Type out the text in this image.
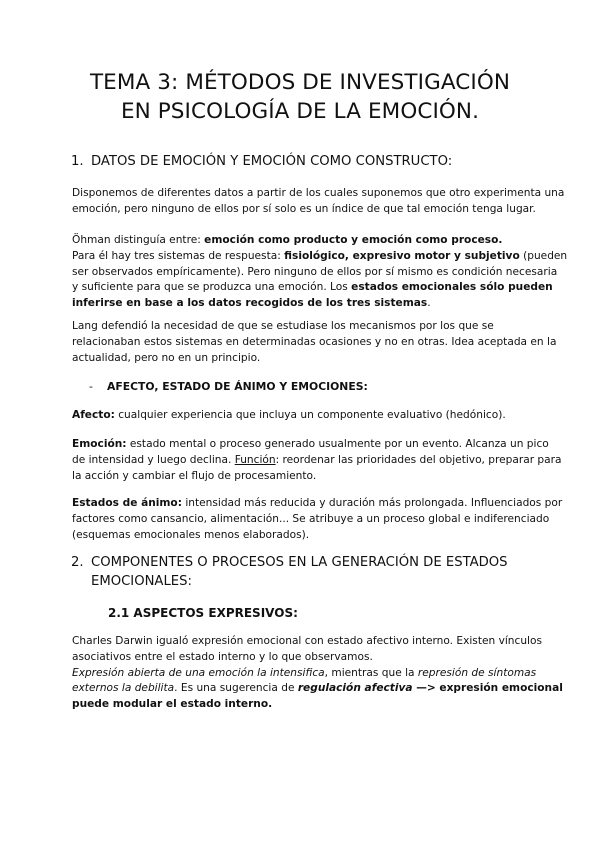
TEMA 3: MÉTODOS DE INVESTIGACIÓN
EN PSICOLOGÍA DE LA EMOCIÓN.
1. DATOS DE EMOCIÓN Y EMOCIÓN COMO CONSTRUCTO:
Disponemos de diferentes datos a partir de los cuales suponemos que otro experimenta una
emoción, pero ninguno de ellos por sí solo es un índice de que tal emoción tenga lugar.
Öhman distinguía entre: emoción como producto y emoción como proceso.
Para él hay tres sistemas de respuesta: fisiológico, expresivo motor y subjetivo (pueden
ser observados empíricamente). Pero ninguno de ellos por sí mismo es condición necesaria
y suficiente para que se produzca una emoción. Los estados emocionales sólo pueden
inferirse en base a los datos recogidos de los tres sistemas.
Lang defendió la necesidad de que se estudiase los mecanismos por los que se
relacionaban estos sistemas en determinadas ocasiones y no en otras. Idea aceptada en la
actualidad, pero no en un principio.
- AFECTO, ESTADO DE ÁNIMO Y EMOCIONES:
Afecto: cualquier experiencia que incluya un componente evaluativo (hedónico).
Emoción: estado mental o proceso generado usualmente por un evento. Alcanza un pico
de intensidad y luego declina. Función: reordenar las prioridades del objetivo, preparar para
la acción y cambiar el flujo de procesamiento.
Estados de ánimo: intensidad más reducida y duración más prolongada. Influenciados por
factores como cansancio, alimentación... Se atribuye a un proceso global e indiferenciado
(esquemas emocionales menos elaborados).
2. COMPONENTES O PROCESOS EN LA GENERACIÓN DE ESTADOS
EMOCIONALES:
2.1 ASPECTOS EXPRESIVOS:
Charles Darwin igualó expresión emocional con estado afectivo interno. Existen vínculos
asociativos entre el estado interno y lo que observamos.
Expresión abierta de una emoción la intensifica, mientras que la represión de síntomas
externos la debilita. Es una sugerencia de regulación afectiva —> expresión emocional
puede modular el estado interno.
